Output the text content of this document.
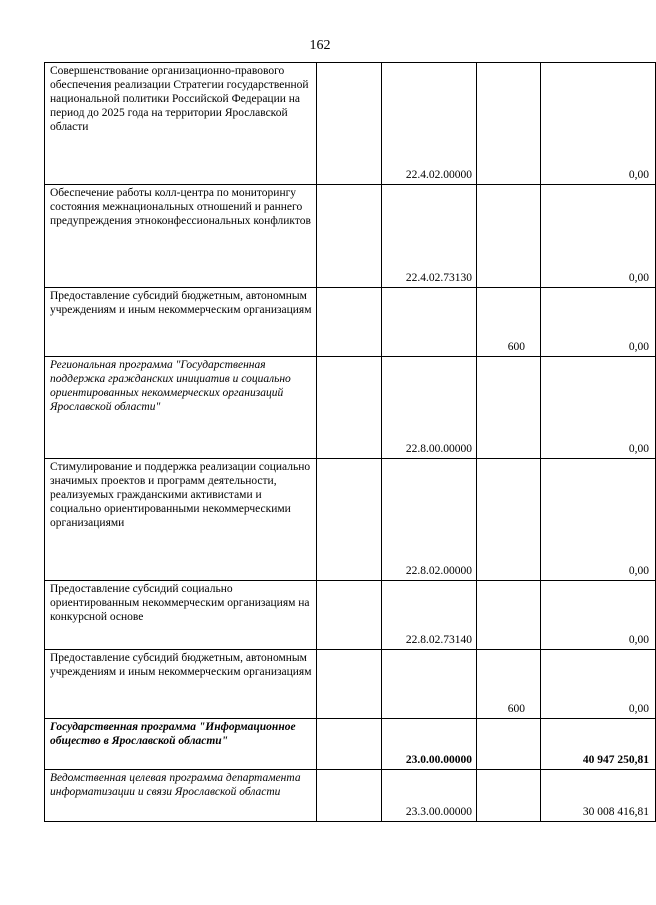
162
Совершенствование организационно-правового обеспечения реализации Стратегии государственной национальной политики Российской Федерации на период до 2025 года на территории Ярославской области		22.4.02.00000		0,00
Обеспечение работы колл-центра по мониторингу состояния межнациональных отношений и раннего предупреждения этноконфессиональных конфликтов		22.4.02.73130		0,00
Предоставление субсидий бюджетным, автономным учреждениям и иным некоммерческим организациям			600	0,00
Региональная программа "Государственная поддержка гражданских инициатив и социально ориентированных некоммерческих организаций Ярославской области"		22.8.00.00000		0,00
Стимулирование и поддержка реализации социально значимых проектов и программ деятельности, реализуемых гражданскими активистами и социально ориентированными некоммерческими организациями		22.8.02.00000		0,00
Предоставление субсидий социально ориентированным некоммерческим организациям на конкурсной основе		22.8.02.73140		0,00
Предоставление субсидий бюджетным, автономным учреждениям и иным некоммерческим организациям			600	0,00
Государственная программа "Информационное общество в Ярославской области"		23.0.00.00000		40 947 250,81
Ведомственная целевая программа департамента информатизации и связи Ярославской области		23.3.00.00000		30 008 416,81
